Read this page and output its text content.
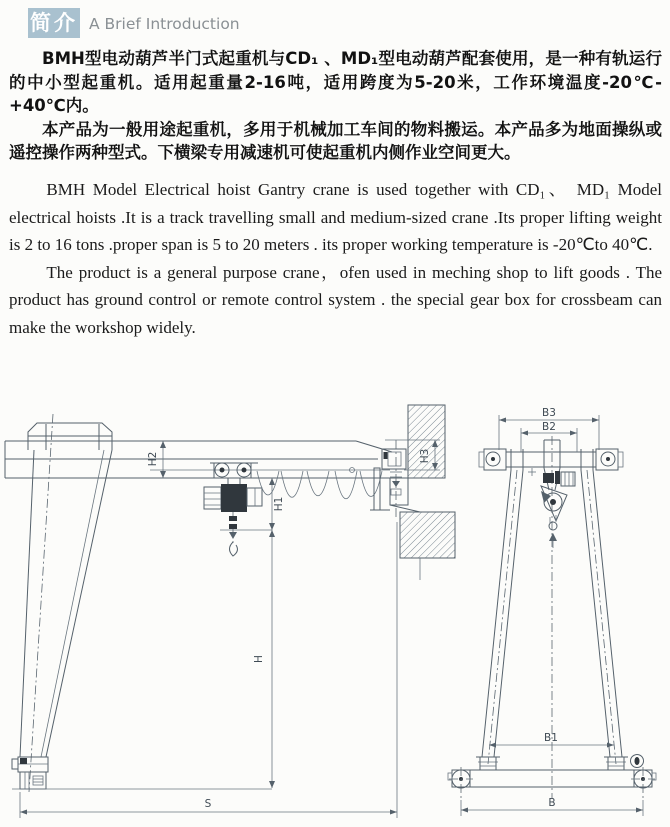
简介 A Brief Introduction

BMH型电动葫芦半门式起重机与CD₁ 、MD₁型电动葫芦配套使用，是一种有轨运行的中小型起重机。适用起重量2-16吨，适用跨度为5-20米，工作环境温度-20℃-+40℃内。

本产品为一般用途起重机，多用于机械加工车间的物料搬运。本产品多为地面操纵或遥控操作两种型式。下横梁专用减速机可使起重机内侧作业空间更大。

BMH Model Electrical hoist Gantry crane is used together with CD₁、 MD₁ Model electrical hoists .It is a track travelling small and medium-sized crane .Its proper lifting weight is 2 to 16 tons .proper span is 5 to 20 meters . its proper working temperature is -20℃to 40℃.

The product is a general purpose crane，ofen used in meching shop to lift goods . The product has ground control or remote control system . the special gear box for crossbeam can make the workshop widely.

H2	H3
H1
H
S
B3
B2
B1
B
